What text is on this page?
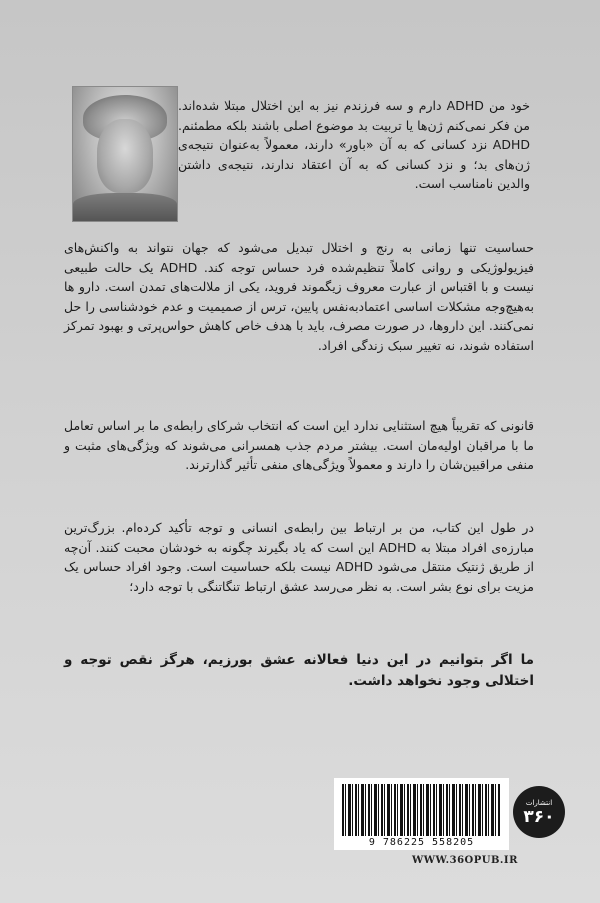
خود من ADHD دارم و سه فرزندم نیز به این اختلال مبتلا شده‌اند. من فکر نمی‌کنم ژن‌ها یا تربیت بد موضوع اصلی باشند بلکه مطمئنم. ADHD نزد کسانی که به آن «باور» دارند، معمولاً به‌عنوان نتیجه‌ی ژن‌های بد؛ و نزد کسانی که به آن اعتقاد ندارند، نتیجه‌ی داشتن والدین نامناسب است.
حساسیت تنها زمانی به رنج و اختلال تبدیل می‌شود که جهان نتواند به واکنش‌های فیزیولوژیکی و روانی کاملاً تنظیم‌شده فرد حساس توجه کند. ADHD یک حالت طبیعی نیست و با اقتباس از عبارت معروف زیگموند فروید، یکی از ملالت‌های تمدن است. دارو ها به‌هیچ‌وجه مشکلات اساسی اعتمادبه‌نفس پایین، ترس از صمیمیت و عدم خودشناسی را حل نمی‌کنند. این داروها، در صورت مصرف، باید با هدف خاص کاهش حواس‌پرتی و بهبود تمرکز استفاده شوند، نه تغییر سبک زندگی افراد.
قانونی که تقریباً هیچ استثنایی ندارد این است که انتخاب شرکای رابطه‌ی ما بر اساس تعامل ما با مراقبان اولیه‌مان است. بیشتر مردم جذب همسرانی می‌شوند که ویژگی‌های مثبت و منفی مراقبین‌شان را دارند و معمولاً ویژگی‌های منفی تأثیر گذارترند.
در طول این کتاب، من بر ارتباط بین رابطه‌ی انسانی و توجه تأکید کرده‌ام. بزرگ‌ترین مبارزه‌ی افراد مبتلا به ADHD این است که یاد بگیرند چگونه به خودشان محبت کنند. آن‌چه از طریق ژنتیک منتقل می‌شود ADHD نیست بلکه حساسیت است. وجود افراد حساس یک مزیت برای نوع بشر است. به نظر می‌رسد عشق ارتباط تنگاتنگی با توجه دارد؛
ما اگر بتوانیم در این دنیا فعالانه عشق بورزیم، هرگز نقص توجه و اختلالی وجود نخواهد داشت.
9 786225 558205
انتشارات
۳۶۰
WWW.36OPUB.IR
